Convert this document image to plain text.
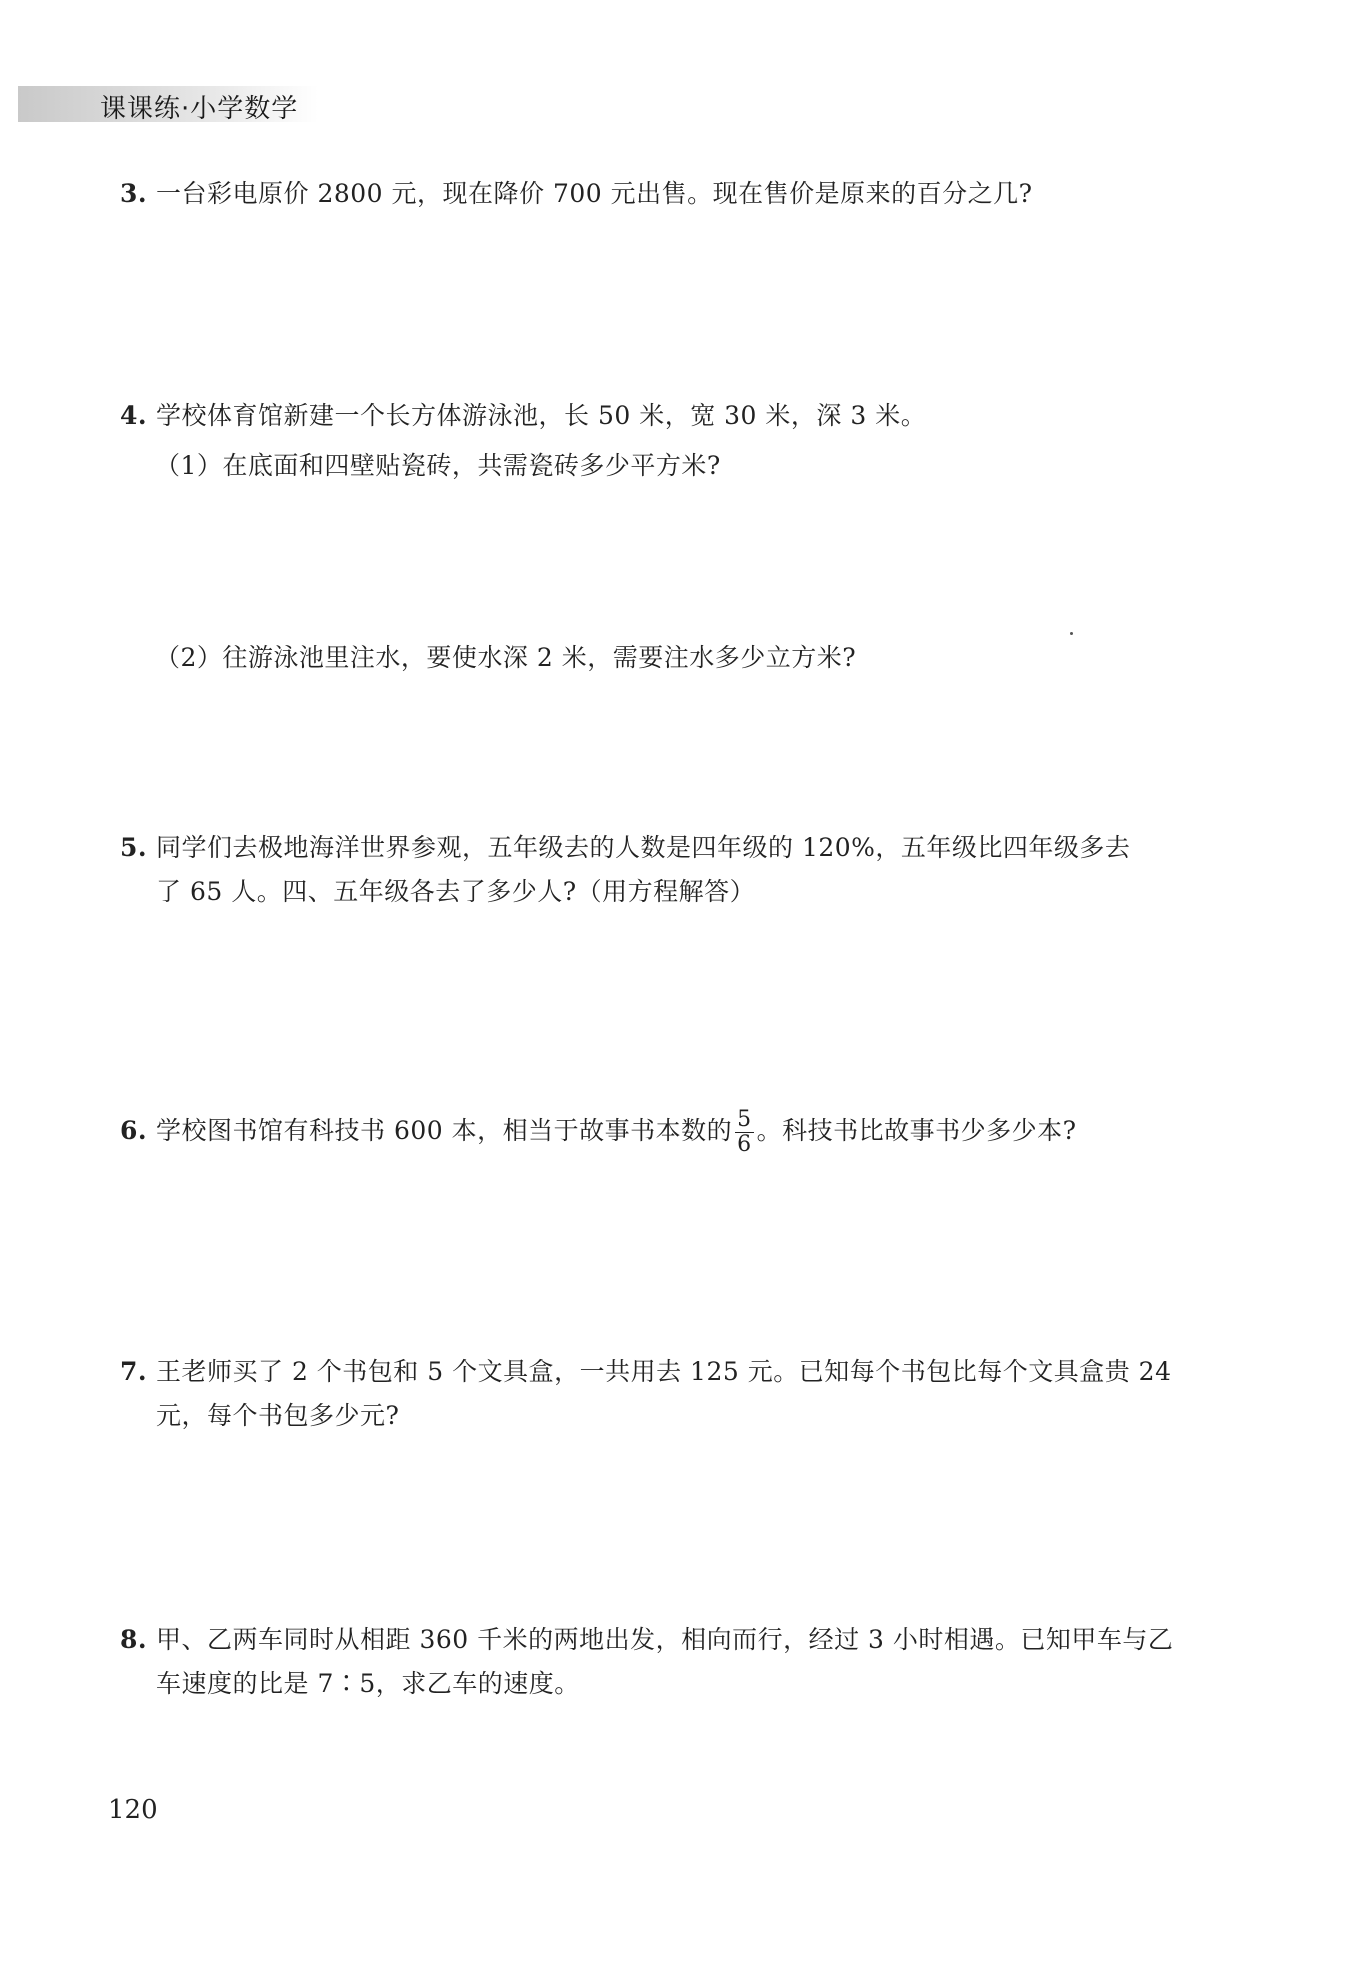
课课练·小学数学
3. 一台彩电原价 2800 元，现在降价 700 元出售。现在售价是原来的百分之几?
4. 学校体育馆新建一个长方体游泳池，长 50 米，宽 30 米，深 3 米。
（1）在底面和四壁贴瓷砖，共需瓷砖多少平方米?
（2）往游泳池里注水，要使水深 2 米，需要注水多少立方米?
5. 同学们去极地海洋世界参观，五年级去的人数是四年级的 120%，五年级比四年级多去
了 65 人。四、五年级各去了多少人?（用方程解答）
6. 学校图书馆有科技书 600 本，相当于故事书本数的 $\frac{5}{6}$ 。科技书比故事书少多少本?
7. 王老师买了 2 个书包和 5 个文具盒，一共用去 125 元。已知每个书包比每个文具盒贵 24
元，每个书包多少元?
8. 甲、乙两车同时从相距 360 千米的两地出发，相向而行，经过 3 小时相遇。已知甲车与乙
车速度的比是 7∶5，求乙车的速度。
120
